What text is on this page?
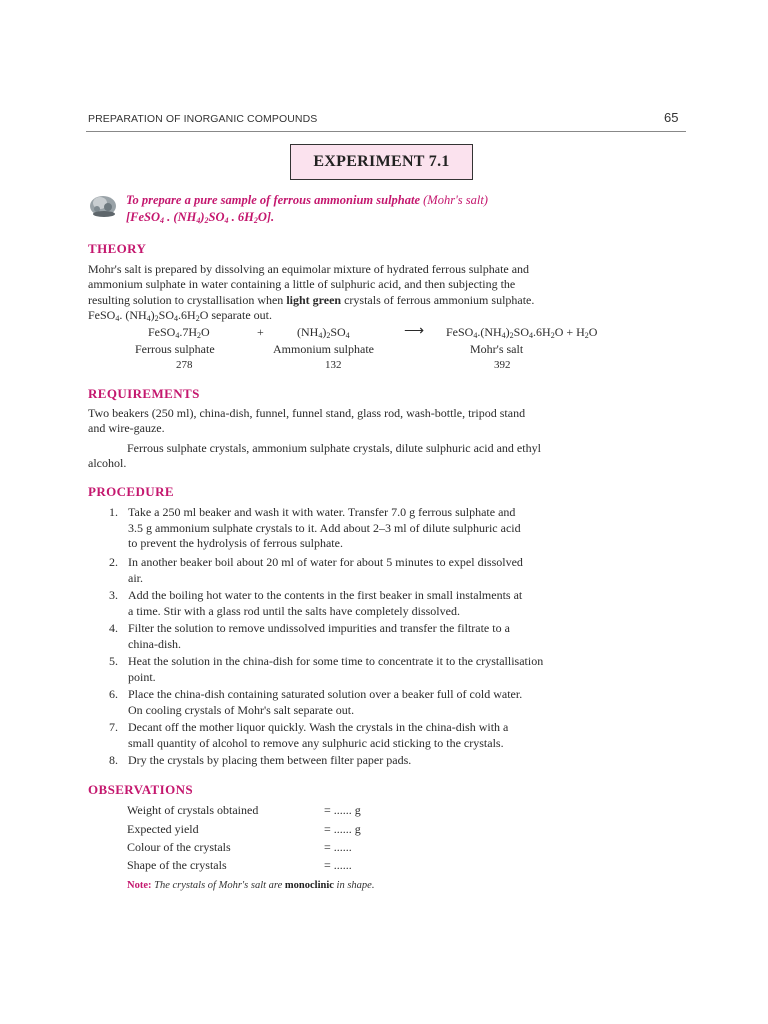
PREPARATION OF INORGANIC COMPOUNDS	65
EXPERIMENT 7.1
To prepare a pure sample of ferrous ammonium sulphate (Mohr's salt)
[FeSO$_4$ . $(NH_4)_2SO_4$ . $6H_2O$].
THEORY
Mohr's salt is prepared by dissolving an equimolar mixture of hydrated ferrous sulphate and
ammonium sulphate in water containing a little of sulphuric acid, and then subjecting the
resulting solution to crystallisation when light green crystals of ferrous ammonium sulphate.
FeSO$_4$. $(NH_4)_2SO_4.6H_2O$ separate out.
$FeSO_4.7H_2O$	+	$(NH_4)_2SO_4$	⟶ $FeSO_4.(NH_4)_2SO_4.6H_2O + H_2O$
Ferrous sulphate	Ammonium sulphate	Mohr's salt
278	132	392
REQUIREMENTS
Two beakers (250 ml), china-dish, funnel, funnel stand, glass rod, wash-bottle, tripod stand
and wire-gauze.
Ferrous sulphate crystals, ammonium sulphate crystals, dilute sulphuric acid and ethyl
alcohol.
PROCEDURE
1. Take a 250 ml beaker and wash it with water. Transfer 7.0 g ferrous sulphate and
3.5 g ammonium sulphate crystals to it. Add about 2–3 ml of dilute sulphuric acid
to prevent the hydrolysis of ferrous sulphate.
2. In another beaker boil about 20 ml of water for about 5 minutes to expel dissolved
air.
3. Add the boiling hot water to the contents in the first beaker in small instalments at
a time. Stir with a glass rod until the salts have completely dissolved.
4. Filter the solution to remove undissolved impurities and transfer the filtrate to a
china-dish.
5. Heat the solution in the china-dish for some time to concentrate it to the crystallisation
point.
6. Place the china-dish containing saturated solution over a beaker full of cold water.
On cooling crystals of Mohr's salt separate out.
7. Decant off the mother liquor quickly. Wash the crystals in the china-dish with a
small quantity of alcohol to remove any sulphuric acid sticking to the crystals.
8. Dry the crystals by placing them between filter paper pads.
OBSERVATIONS
Weight of crystals obtained	= ...... g
Expected yield	= ...... g
Colour of the crystals	= ......
Shape of the crystals	= ......
Note: The crystals of Mohr's salt are monoclinic in shape.
